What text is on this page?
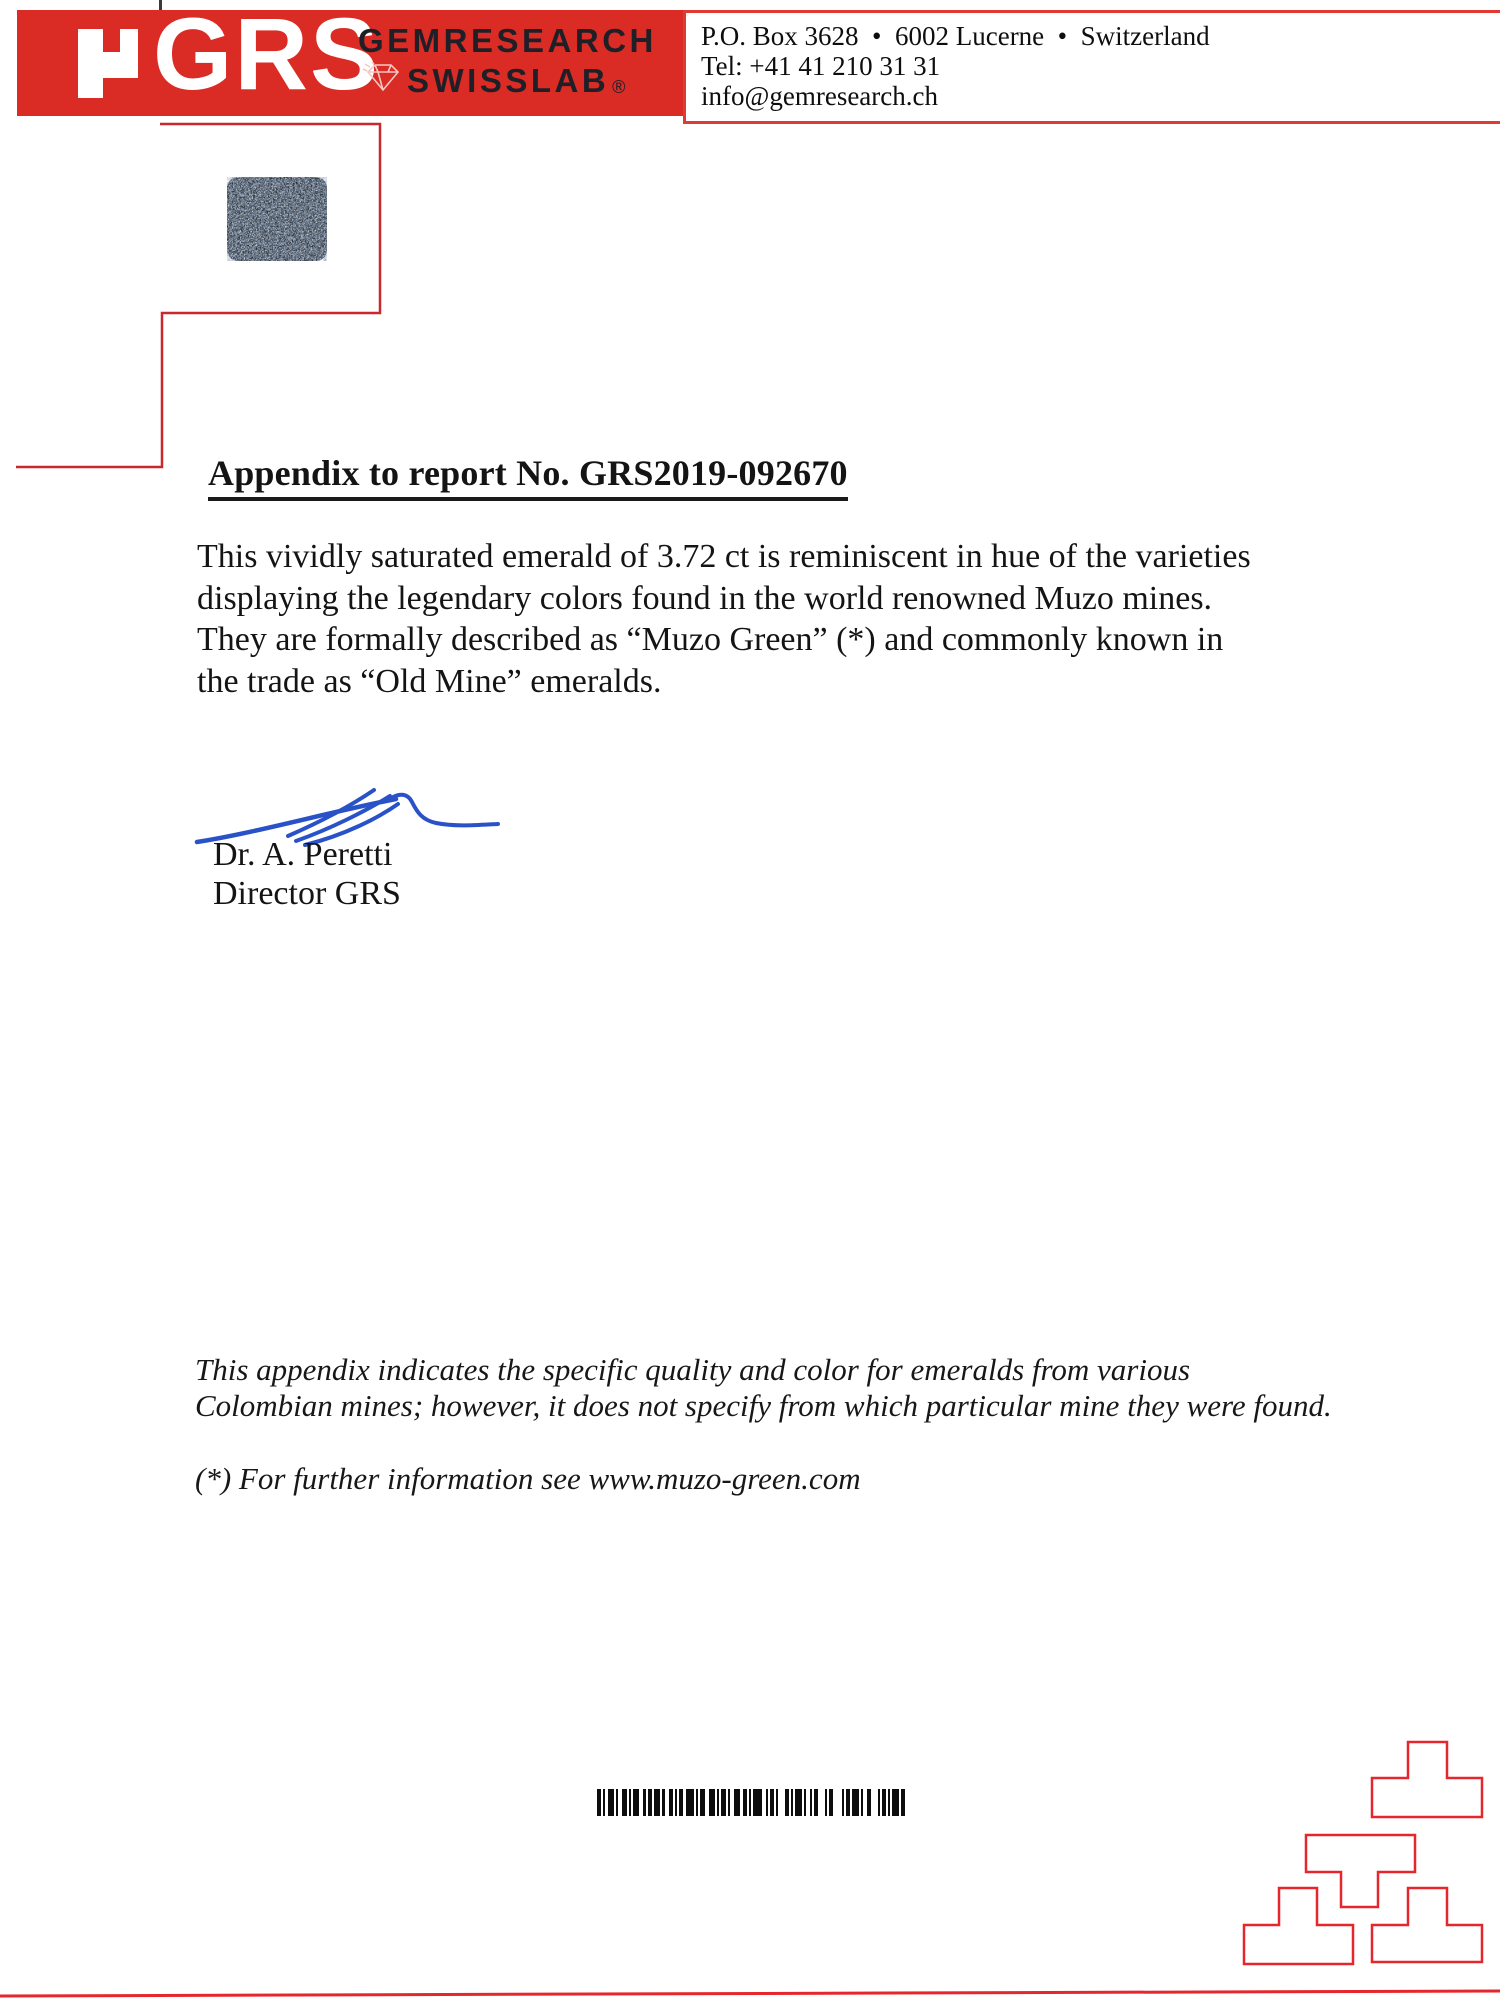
GRS
GEMRESEARCH
SWISSLAB ®
P.O. Box 3628  •  6002 Lucerne  •  Switzerland
Tel: +41 41 210 31 31
info@gemresearch.ch
Appendix to report No. GRS2019-092670
This vividly saturated emerald of 3.72 ct is reminiscent in hue of the varieties
displaying the legendary colors found in the world renowned Muzo mines.
They are formally described as “Muzo Green” (*) and commonly known in
the trade as “Old Mine” emeralds.
Dr. A. Peretti
Director GRS
This appendix indicates the specific quality and color for emeralds from various
Colombian mines; however, it does not specify from which particular mine they were found.
(*) For further information see www.muzo-green.com
